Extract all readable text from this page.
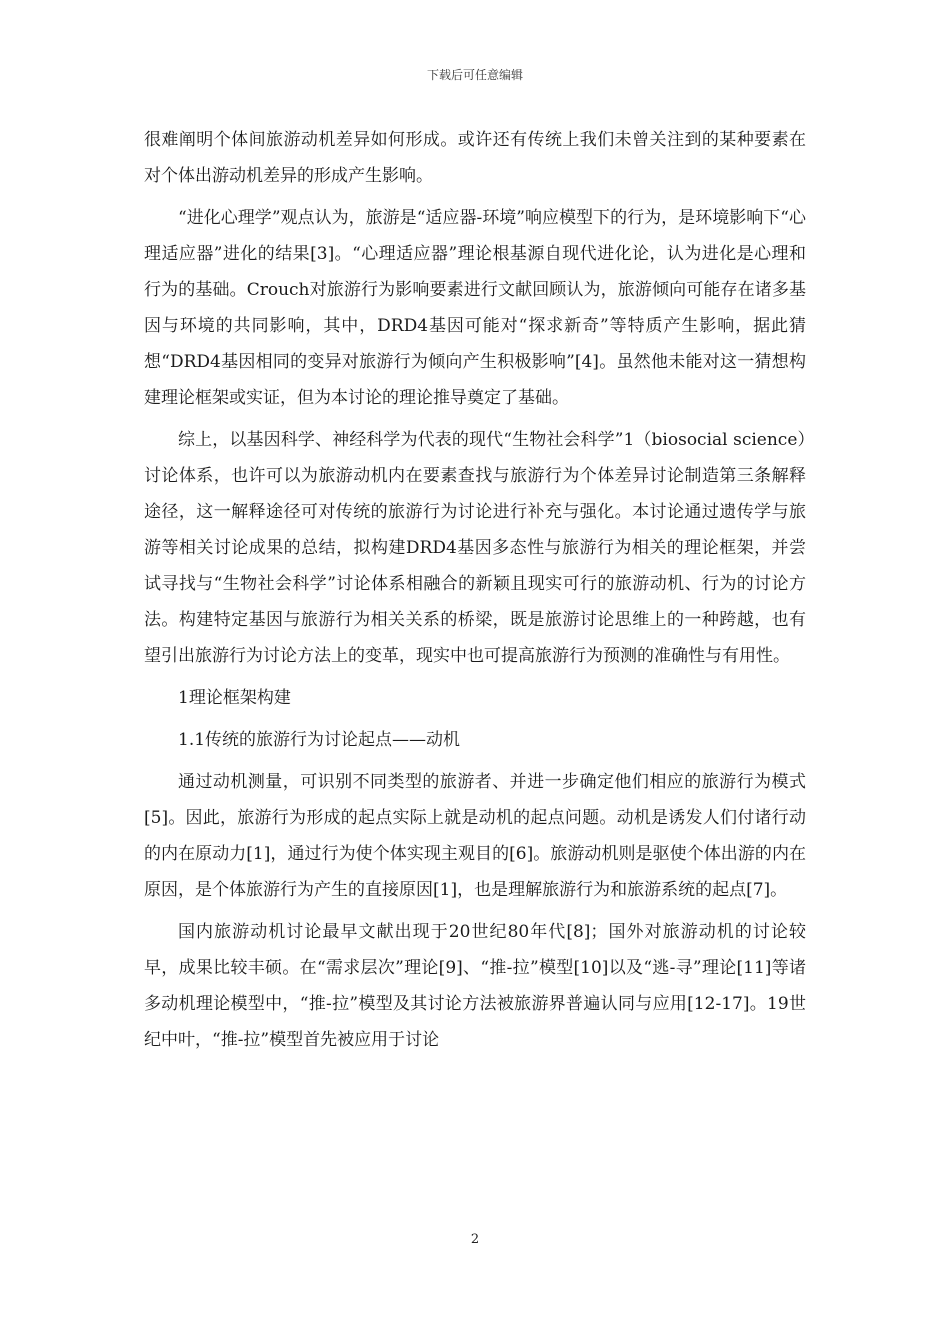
下载后可任意编辑

很难阐明个体间旅游动机差异如何形成。或许还有传统上我们未曾关注到的某种要素在对个体出游动机差异的形成产生影响。

“进化心理学”观点认为，旅游是“适应器-环境”响应模型下的行为，是环境影响下“心理适应器”进化的结果[3]。“心理适应器”理论根基源自现代进化论，认为进化是心理和行为的基础。Crouch对旅游行为影响要素进行文献回顾认为，旅游倾向可能存在诸多基因与环境的共同影响，其中，DRD4基因可能对“探求新奇”等特质产生影响，据此猜想“DRD4基因相同的变异对旅游行为倾向产生积极影响”[4]。虽然他未能对这一猜想构建理论框架或实证，但为本讨论的理论推导奠定了基础。

综上，以基因科学、神经科学为代表的现代“生物社会科学”1（biosocial science）讨论体系，也许可以为旅游动机内在要素查找与旅游行为个体差异讨论制造第三条解释途径，这一解释途径可对传统的旅游行为讨论进行补充与强化。本讨论通过遗传学与旅游等相关讨论成果的总结，拟构建DRD4基因多态性与旅游行为相关的理论框架，并尝试寻找与“生物社会科学”讨论体系相融合的新颖且现实可行的旅游动机、行为的讨论方法。构建特定基因与旅游行为相关关系的桥梁，既是旅游讨论思维上的一种跨越，也有望引出旅游行为讨论方法上的变革，现实中也可提高旅游行为预测的准确性与有用性。

1理论框架构建

1.1传统的旅游行为讨论起点——动机

通过动机测量，可识别不同类型的旅游者、并进一步确定他们相应的旅游行为模式[5]。因此，旅游行为形成的起点实际上就是动机的起点问题。动机是诱发人们付诸行动的内在原动力[1]，通过行为使个体实现主观目的[6]。旅游动机则是驱使个体出游的内在原因，是个体旅游行为产生的直接原因[1]，也是理解旅游行为和旅游系统的起点[7]。

国内旅游动机讨论最早文献出现于20世纪80年代[8]；国外对旅游动机的讨论较早，成果比较丰硕。在“需求层次”理论[9]、“推-拉”模型[10]以及“逃-寻”理论[11]等诸多动机理论模型中，“推-拉”模型及其讨论方法被旅游界普遍认同与应用[12-17]。19世纪中叶，“推-拉”模型首先被应用于讨论

2
